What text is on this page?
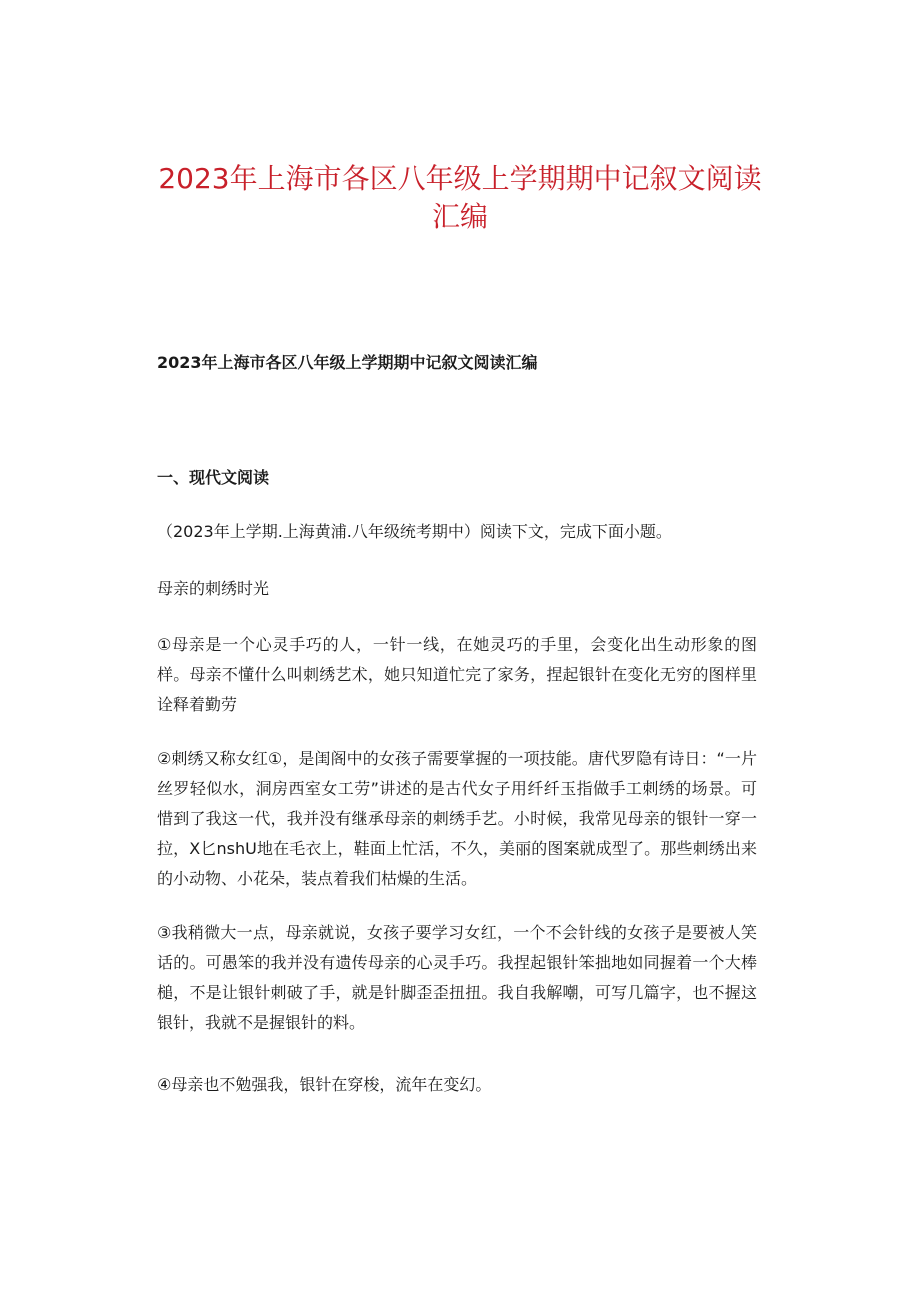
2023年上海市各区八年级上学期期中记叙文阅读汇编

2023年上海市各区八年级上学期期中记叙文阅读汇编

一、现代文阅读

（2023年上学期.上海黄浦.八年级统考期中）阅读下文，完成下面小题。

母亲的刺绣时光

①母亲是一个心灵手巧的人，一针一线，在她灵巧的手里，会变化出生动形象的图样。母亲不懂什么叫刺绣艺术，她只知道忙完了家务，捏起银针在变化无穷的图样里诠释着勤劳

②刺绣又称女红①，是闺阁中的女孩子需要掌握的一项技能。唐代罗隐有诗日：“一片丝罗轻似水，洞房西室女工劳”讲述的是古代女子用纤纤玉指做手工刺绣的场景。可惜到了我这一代，我并没有继承母亲的刺绣手艺。小时候，我常见母亲的银针一穿一拉，X匕nshU地在毛衣上，鞋面上忙活，不久，美丽的图案就成型了。那些刺绣出来的小动物、小花朵，装点着我们枯燥的生活。

③我稍微大一点，母亲就说，女孩子要学习女红，一个不会针线的女孩子是要被人笑话的。可愚笨的我并没有遗传母亲的心灵手巧。我捏起银针笨拙地如同握着一个大棒槌，不是让银针刺破了手，就是针脚歪歪扭扭。我自我解嘲，可写几篇字，也不握这银针，我就不是握银针的料。

④母亲也不勉强我，银针在穿梭，流年在变幻。
